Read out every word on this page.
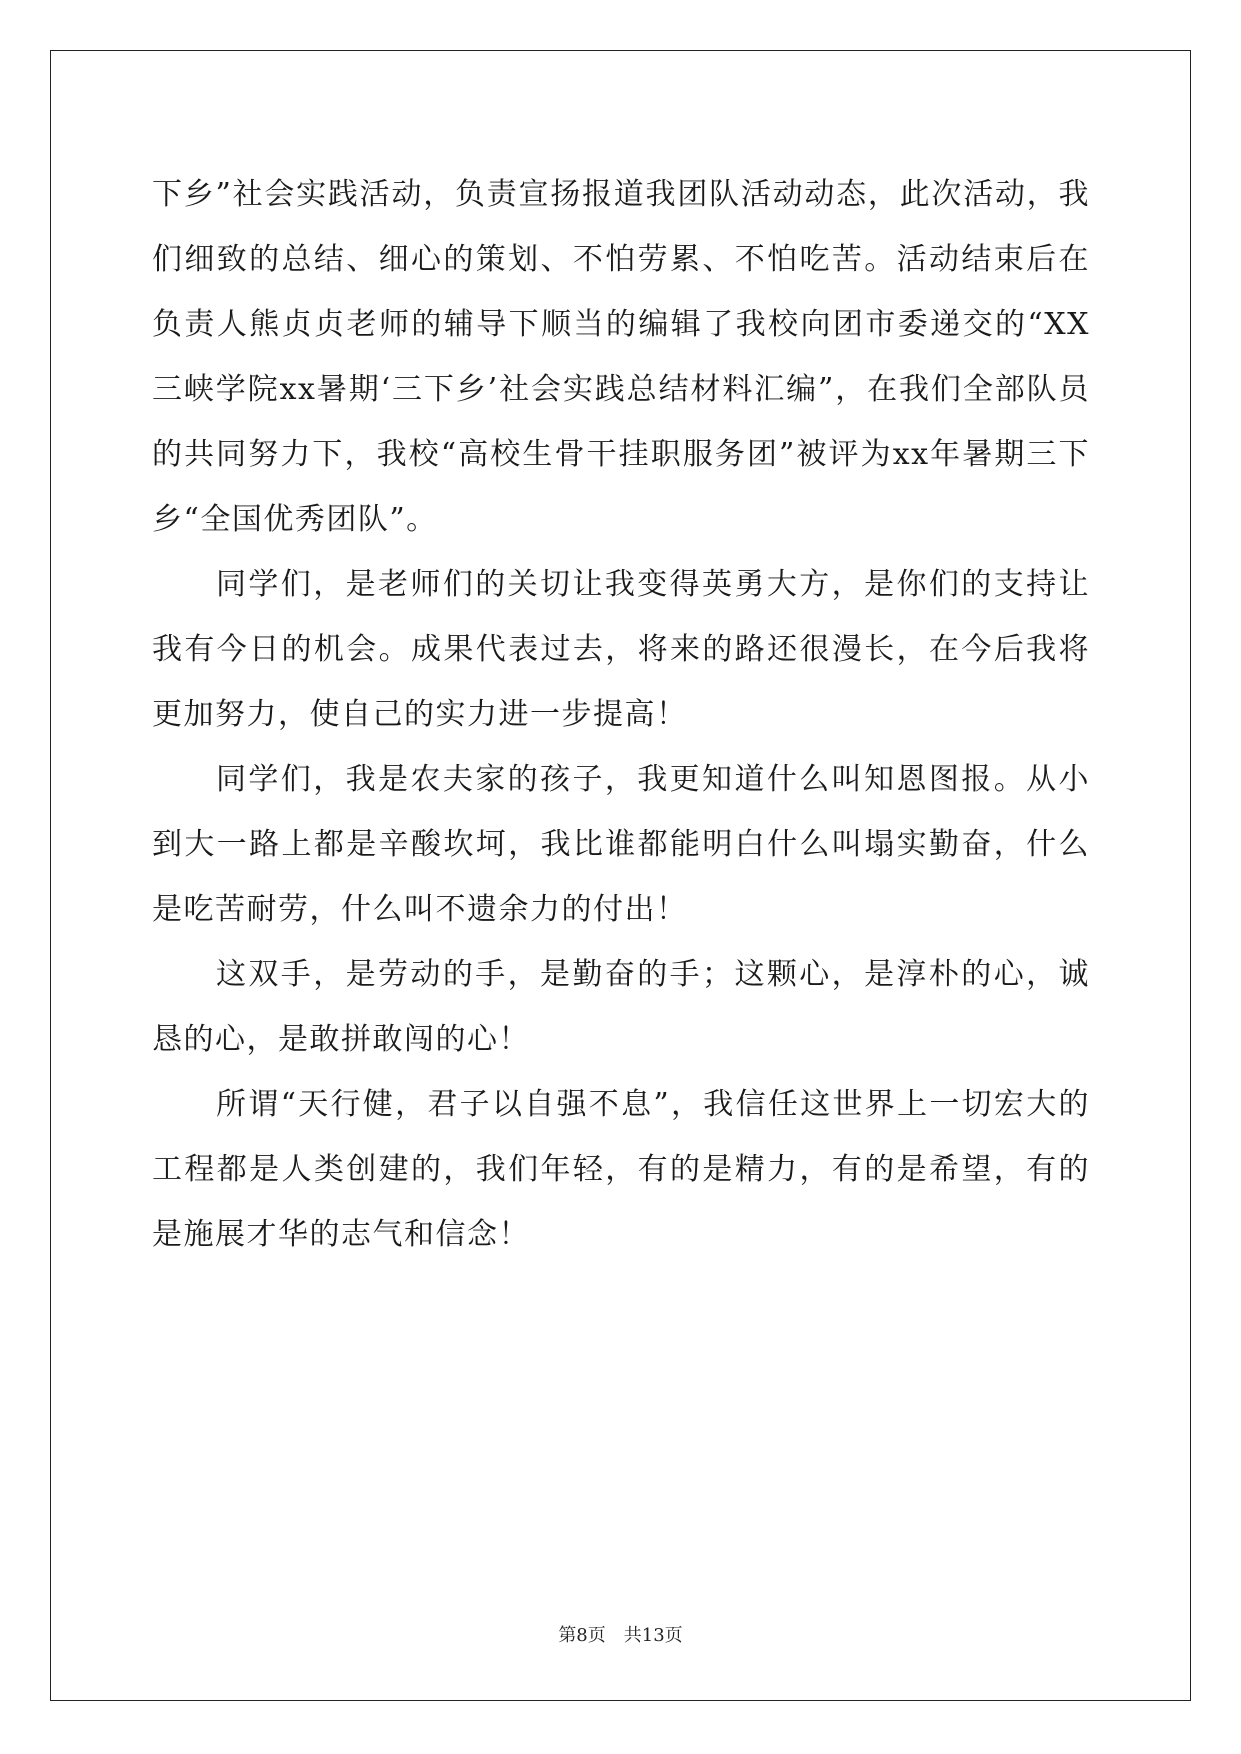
下乡”社会实践活动，负责宣扬报道我团队活动动态，此次活动，我们细致的总结、细心的策划、不怕劳累、不怕吃苦。活动结束后在负责人熊贞贞老师的辅导下顺当的编辑了我校向团市委递交的“XX三峡学院xx暑期‘三下乡’社会实践总结材料汇编”，在我们全部队员的共同努力下，我校“高校生骨干挂职服务团”被评为xx年暑期三下乡“全国优秀团队”。

同学们，是老师们的关切让我变得英勇大方，是你们的支持让我有今日的机会。成果代表过去，将来的路还很漫长，在今后我将更加努力，使自己的实力进一步提高！

同学们，我是农夫家的孩子，我更知道什么叫知恩图报。从小到大一路上都是辛酸坎坷，我比谁都能明白什么叫塌实勤奋，什么是吃苦耐劳，什么叫不遗余力的付出！

这双手，是劳动的手，是勤奋的手；这颗心，是淳朴的心，诚恳的心，是敢拼敢闯的心！

所谓“天行健，君子以自强不息”，我信任这世界上一切宏大的工程都是人类创建的，我们年轻，有的是精力，有的是希望，有的是施展才华的志气和信念！

第8页 共13页
